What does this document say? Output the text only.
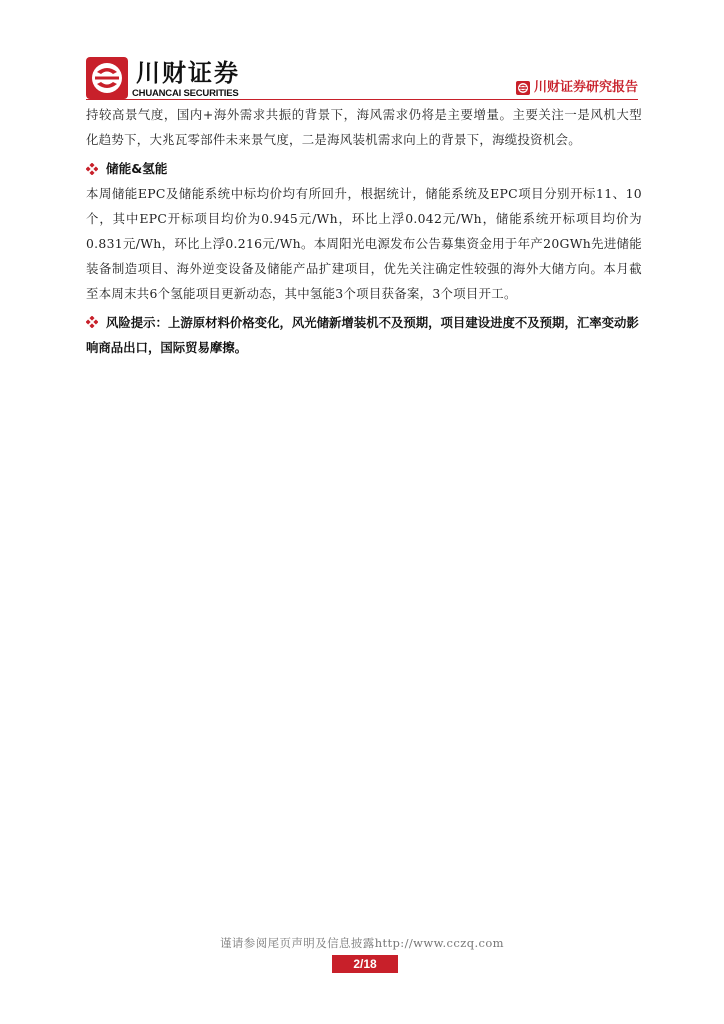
川财证券
CHUANCAI SECURITIES	川财证券研究报告

持较高景气度，国内+海外需求共振的背景下，海风需求仍将是主要增量。主要关注一是风机大型化趋势下，大兆瓦零部件未来景气度，二是海风装机需求向上的背景下，海缆投资机会。

储能&氢能

本周储能EPC及储能系统中标均价均有所回升，根据统计，储能系统及EPC项目分别开标11、10个，其中EPC开标项目均价为0.945元/Wh，环比上浮0.042元/Wh，储能系统开标项目均价为0.831元/Wh，环比上浮0.216元/Wh。本周阳光电源发布公告募集资金用于年产20GWh先进储能装备制造项目、海外逆变设备及储能产品扩建项目，优先关注确定性较强的海外大储方向。本月截至本周末共6个氢能项目更新动态，其中氢能3个项目获备案，3个项目开工。

风险提示：上游原材料价格变化，风光储新增装机不及预期，项目建设进度不及预期，汇率变动影响商品出口，国际贸易摩擦。

谨请参阅尾页声明及信息披露http://www.cczq.com
2/18
